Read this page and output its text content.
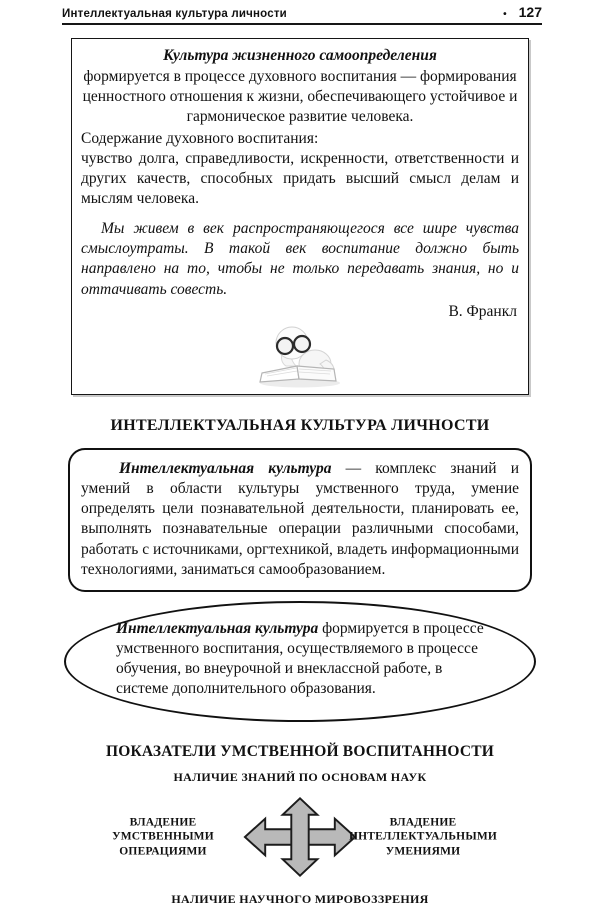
Интеллектуальная культура личности	• 127

Культура жизненного самоопределения

формируется в процессе духовного воспитания — формирования ценностного отношения к жизни, обеспечивающего устойчивое и гармоническое развитие человека.

Содержание духовного воспитания:

чувство долга, справедливости, искренности, ответственности и других качеств, способных придать высший смысл делам и мыслям человека.

Мы живем в век распространяющегося все шире чувства смыслоутраты. В такой век воспитание должно быть направлено на то, чтобы не только передавать знания, но и оттачивать совесть.

В. Франкл

ИНТЕЛЛЕКТУАЛЬНАЯ КУЛЬТУРА ЛИЧНОСТИ

Интеллектуальная культура — комплекс знаний и умений в области культуры умственного труда, умение определять цели познавательной деятельности, планировать ее, выполнять познавательные операции различными способами, работать с источниками, оргтехникой, владеть информационными технологиями, заниматься самообразованием.

Интеллектуальная культура формируется в процессе умственного воспитания, осуществляемого в процессе обучения, во внеурочной и внеклассной работе, в системе дополнительного образования.
ПОКАЗАТЕЛИ УМСТВЕННОЙ ВОСПИТАННОСТИ
НАЛИЧИЕ ЗНАНИЙ ПО ОСНОВАМ НАУК
ВЛАДЕНИЕ
УМСТВЕННЫМИ
ОПЕРАЦИЯМИ
ВЛАДЕНИЕ
ИНТЕЛЛЕКТУАЛЬНЫМИ
УМЕНИЯМИ
НАЛИЧИЕ НАУЧНОГО МИРОВОЗЗРЕНИЯ
